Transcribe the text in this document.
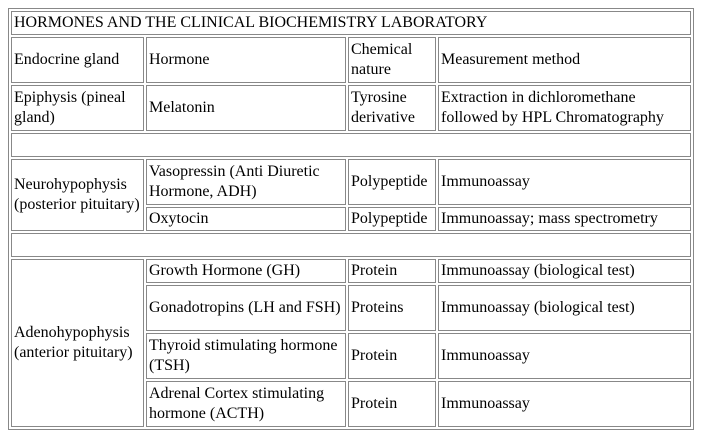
HORMONES AND THE CLINICAL BIOCHEMISTRY LABORATORY			
Endocrine gland	Hormone	Chemical nature	Measurement method
Epiphysis (pineal gland)	Melatonin	Tyrosine derivative	Extraction in dichloromethane followed by HPL Chromatography

Neurohypophysis (posterior pituitary)	Vasopressin (Anti Diuretic Hormone, ADH)	Polypeptide	Immunoassay
	Oxytocin	Polypeptide	Immunoassay; mass spectrometry

Adenohypophysis (anterior pituitary)	Growth Hormone (GH)	Protein	Immunoassay (biological test)
	Gonadotropins (LH and FSH)	Proteins	Immunoassay (biological test)
	Thyroid stimulating hormone (TSH)	Protein	Immunoassay
	Adrenal Cortex stimulating hormone (ACTH)	Protein	Immunoassay
